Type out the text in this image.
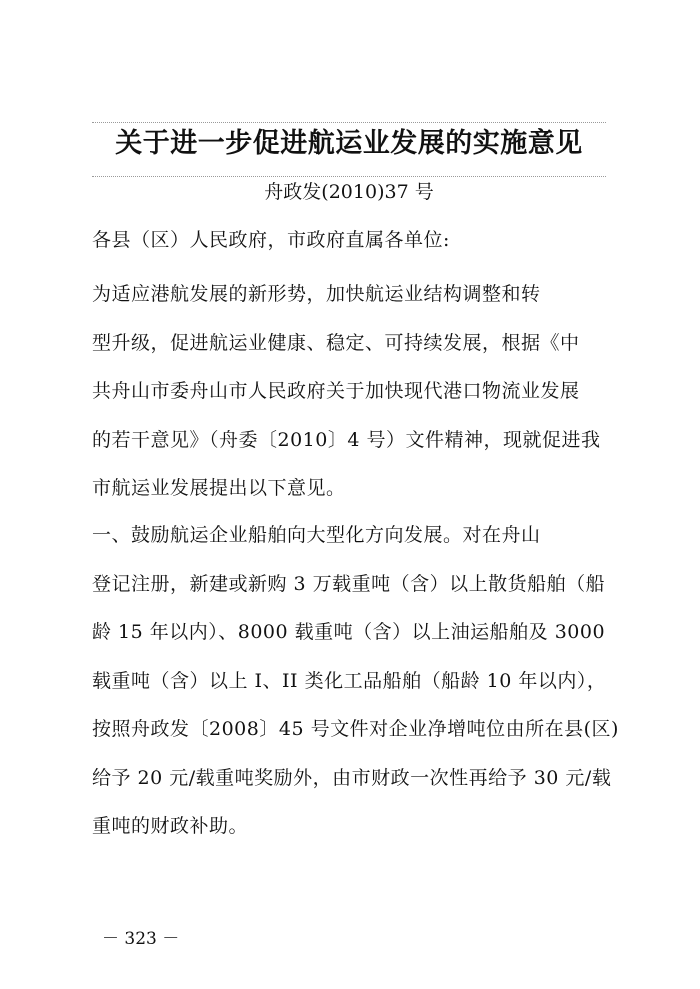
关于进一步促进航运业发展的实施意见
舟政发(2010)37 号
各县（区）人民政府，市政府直属各单位:
为适应港航发展的新形势，加快航运业结构调整和转
型升级，促进航运业健康、稳定、可持续发展，根据《中
共舟山市委舟山市人民政府关于加快现代港口物流业发展
的若干意见》（舟委〔2010〕4 号）文件精神，现就促进我
市航运业发展提出以下意见。
一、鼓励航运企业船舶向大型化方向发展。对在舟山
登记注册，新建或新购 3 万载重吨（含）以上散货船舶（船
龄 15 年以内）、8000 载重吨（含）以上油运船舶及 3000
载重吨（含）以上 I、II 类化工品船舶（船龄 10 年以内），
按照舟政发〔2008〕45 号文件对企业净增吨位由所在县(区)
给予 20 元/载重吨奖励外，由市财政一次性再给予 30 元/载
重吨的财政补助。
－ 323 －
